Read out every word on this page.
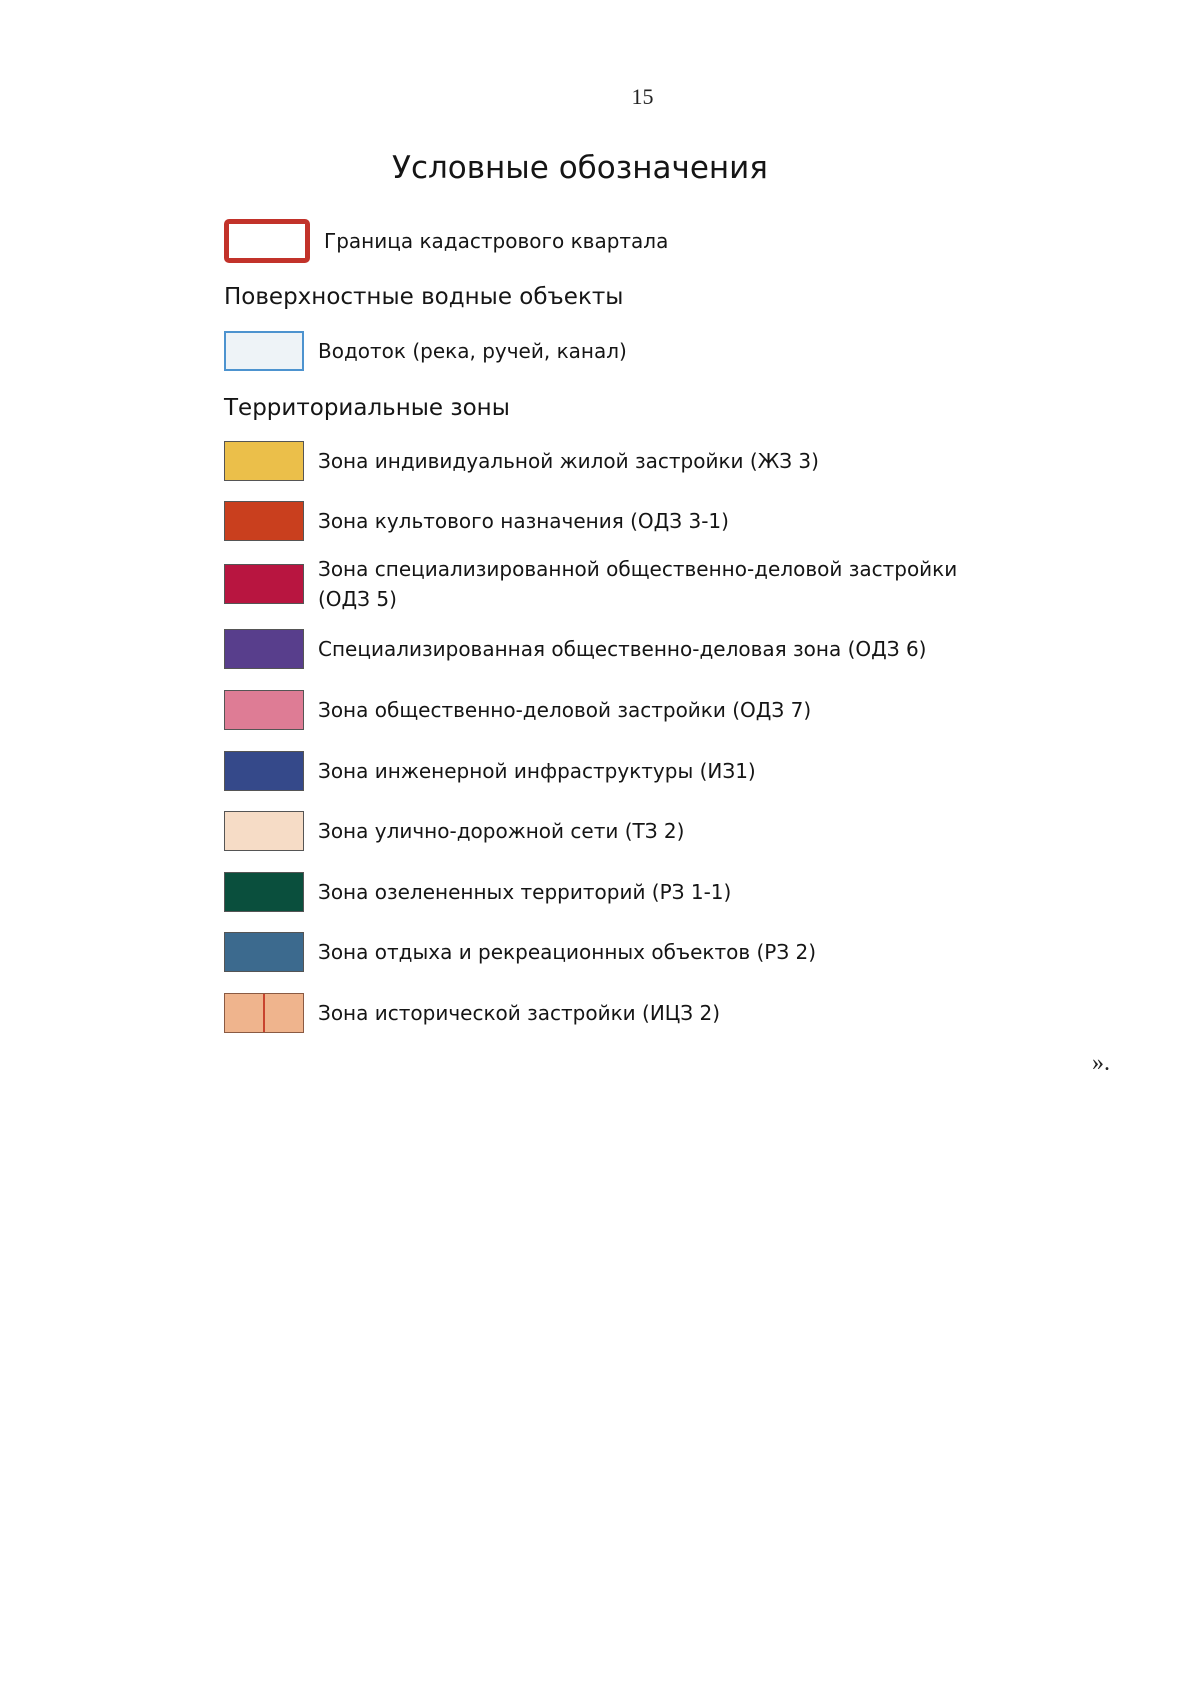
15
Условные обозначения
Граница кадастрового квартала
Поверхностные водные объекты
Водоток (река, ручей, канал)
Территориальные зоны
Зона индивидуальной жилой застройки (ЖЗ 3)
Зона культового назначения (ОДЗ 3-1)
Зона специализированной общественно-деловой застройки (ОДЗ 5)
Специализированная общественно-деловая зона (ОДЗ 6)
Зона общественно-деловой застройки (ОДЗ 7)
Зона инженерной инфраструктуры (ИЗ1)
Зона улично-дорожной сети (ТЗ 2)
Зона озелененных территорий (РЗ 1-1)
Зона отдыха и рекреационных объектов (РЗ 2)
Зона исторической застройки (ИЦЗ 2)
».
